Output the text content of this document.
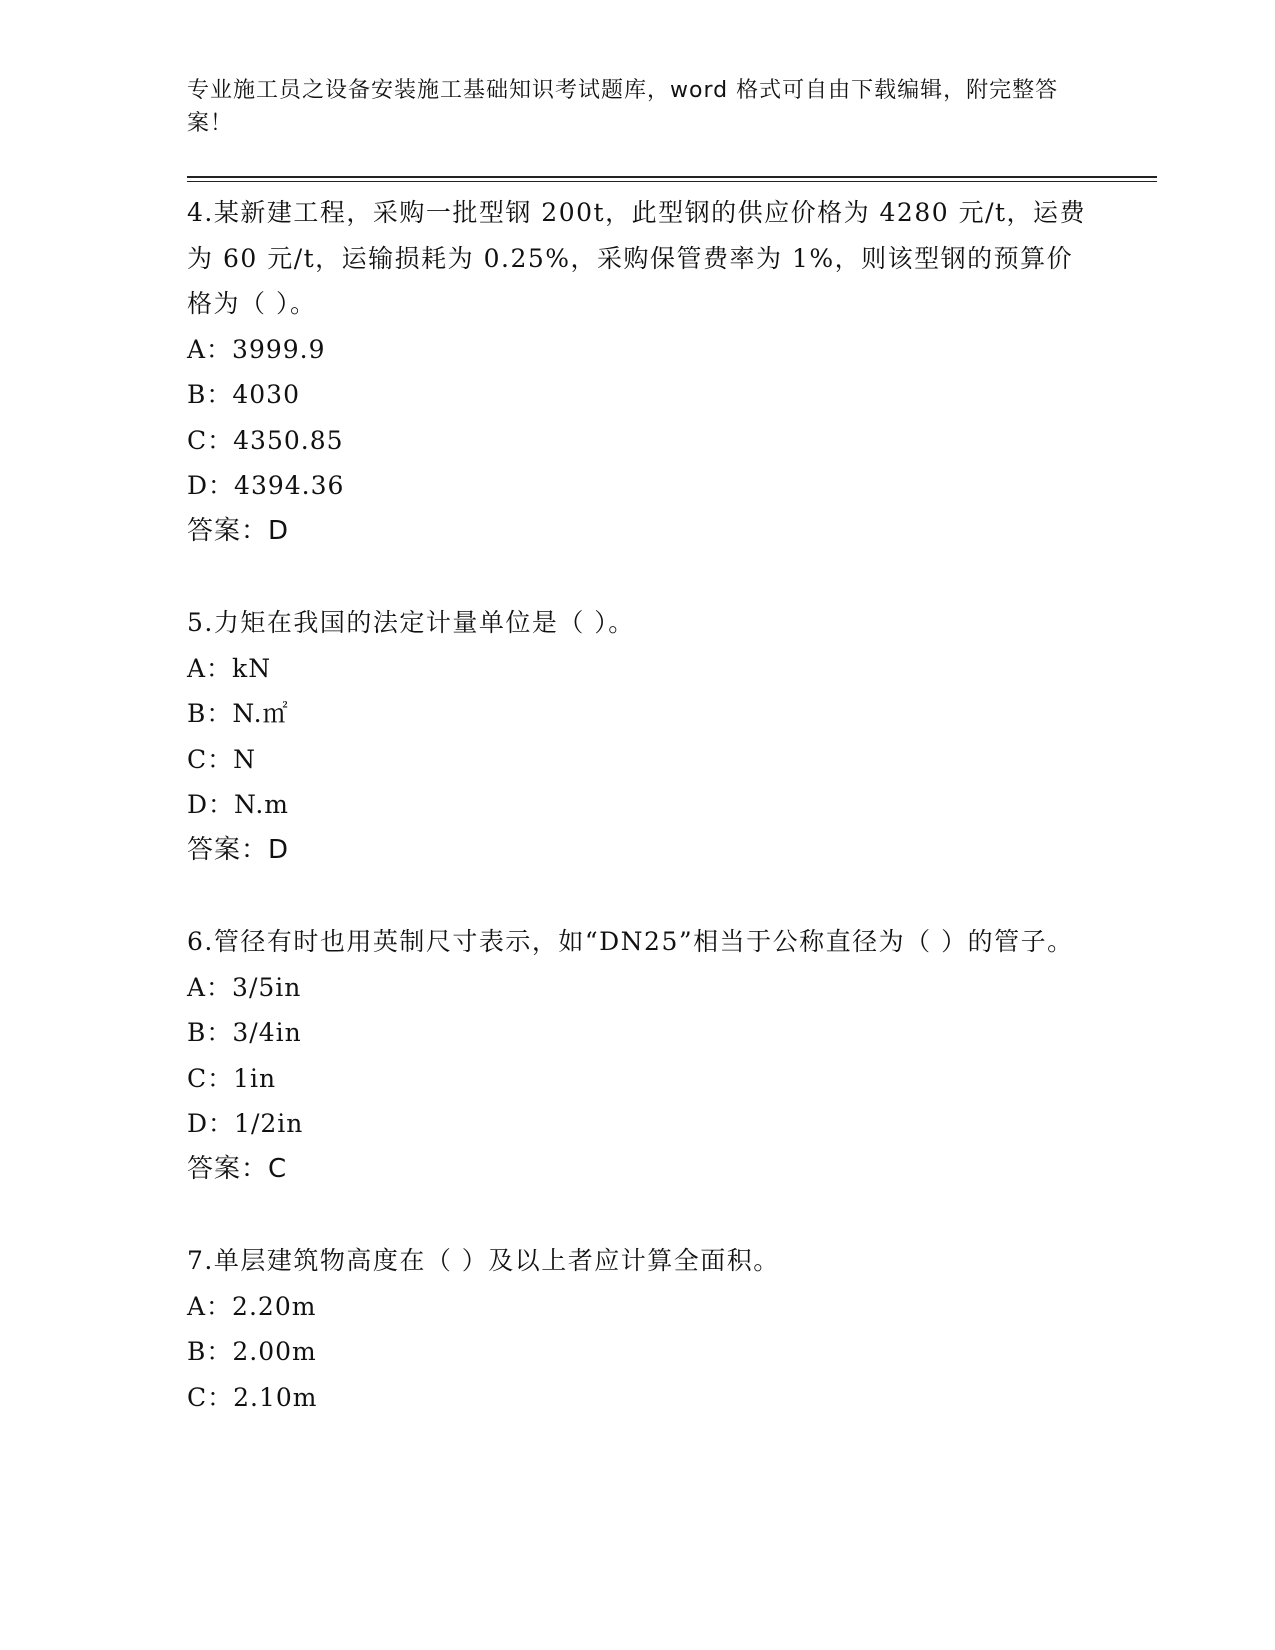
专业施工员之设备安装施工基础知识考试题库，word 格式可自由下载编辑，附完整答案！

4.某新建工程，采购一批型钢 200t，此型钢的供应价格为 4280 元/t，运费为 60 元/t，运输损耗为 0.25%，采购保管费率为 1%，则该型钢的预算价格为（ ）。

A：3999.9

B：4030

C：4350.85

D：4394.36

答案：D

5.力矩在我国的法定计量单位是（ ）。

A：kN

B：N.㎡

C：N

D：N.m

答案：D

6.管径有时也用英制尺寸表示，如“DN25”相当于公称直径为（ ）的管子。

A：3/5in

B：3/4in

C：1in

D：1/2in

答案：C

7.单层建筑物高度在（ ）及以上者应计算全面积。

A：2.20m

B：2.00m

C：2.10m
